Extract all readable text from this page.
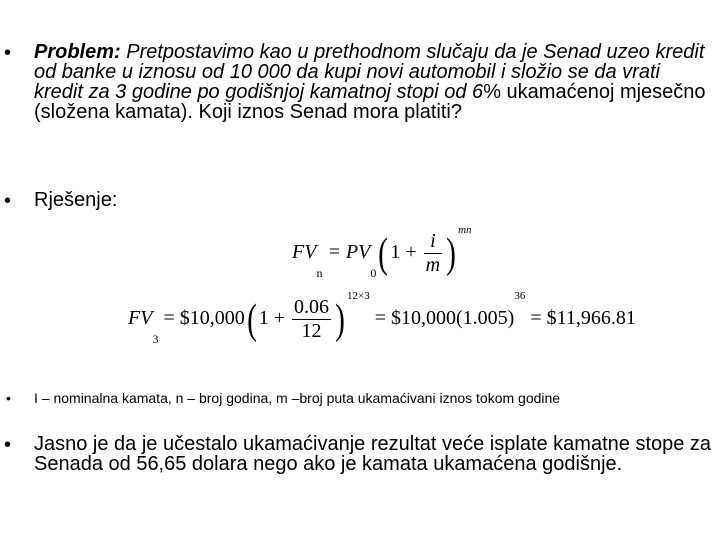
• Problem: Pretpostavimo kao u prethodnom slučaju da je Senad uzeo kredit od banke u iznosu od 10 000 da kupi novi automobil i složio se da vrati kredit za 3 godine po godišnjoj kamatnoj stopi od 6% ukamaćenoj mjesečno (složena kamata). Koji iznos Senad mora platiti?
• Rješenje:
$FV_n = PV_0$( $1 + \frac{i}{m} )^{mn}$
$FV_3$ = $10,000( $1 + \frac{0.06}{12} )^{12\times 3}$ = $\$10,000(1.005)^{36}$ = $11,966.81
• I – nominalna kamata, n – broj godina, m –broj puta ukamaćivani iznos tokom godine
• Jasno je da je učestalo ukamaćivanje rezultat veće isplate kamatne stope za Senada od 56,65 dolara nego ako je kamata ukamaćena godišnje.
